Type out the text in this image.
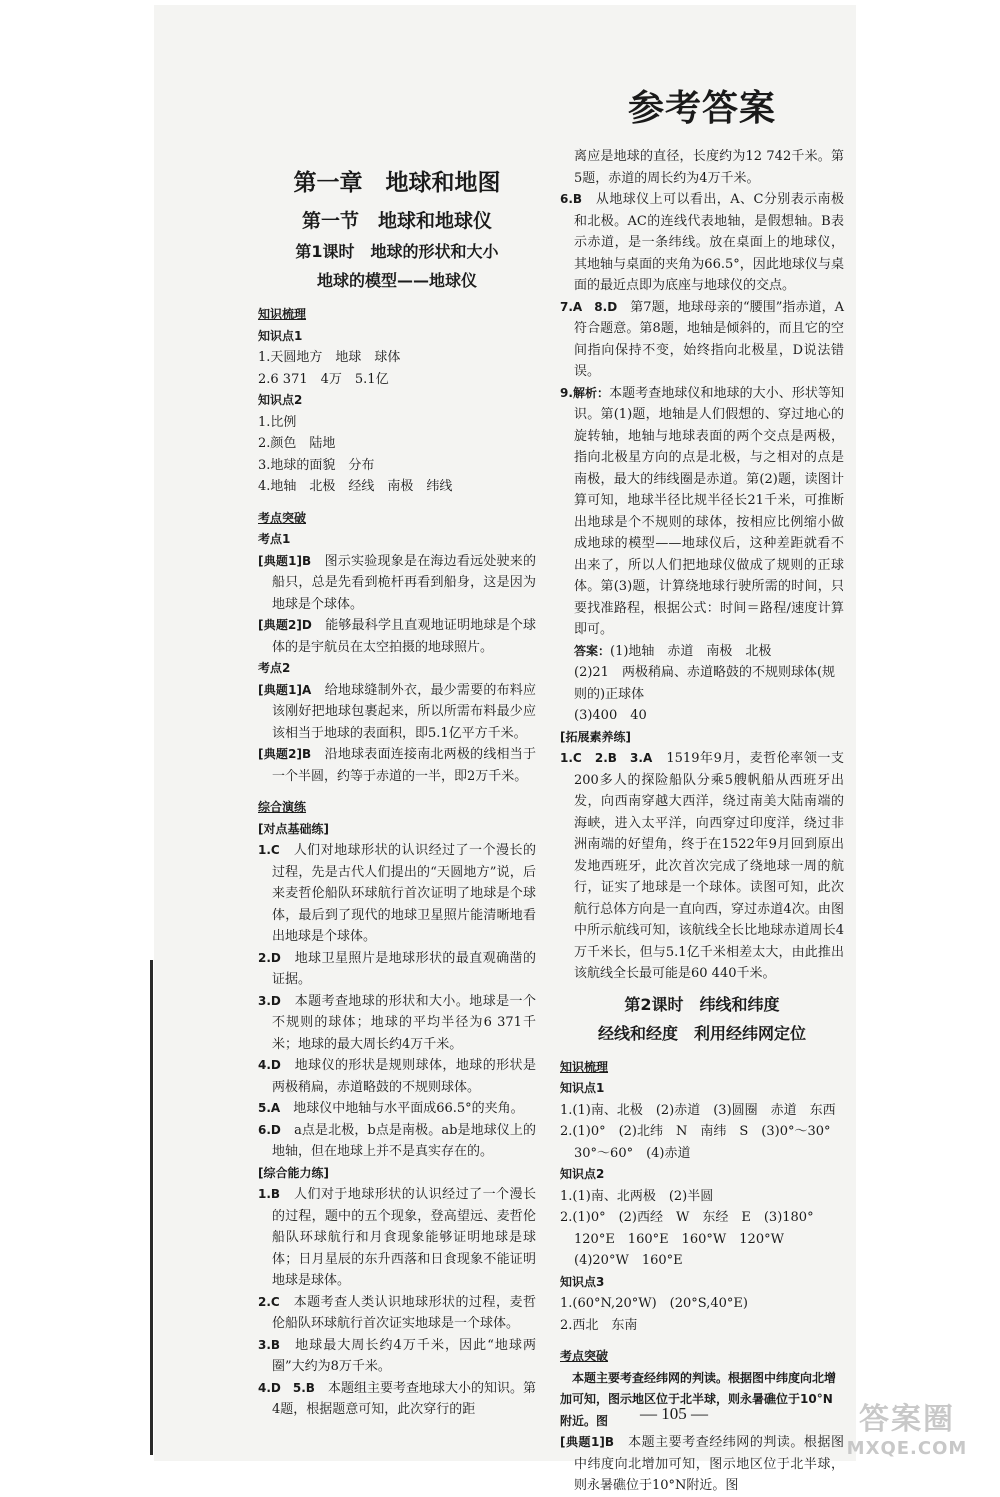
参考答案
第一章　地球和地图
第一节　地球和地球仪
第1课时　地球的形状和大小
地球的模型——地球仪
知识梳理
知识点1
1.天圆地方　地球　球体
2.6 371　4万　5.1亿
知识点2
1.比例
2.颜色　陆地
3.地球的面貌　分布
4.地轴　北极　经线　南极　纬线
考点突破
考点1
[典题1]B　图示实验现象是在海边看远处驶来的船只，总是先看到桅杆再看到船身，这是因为地球是个球体。
[典题2]D　能够最科学且直观地证明地球是个球体的是宇航员在太空拍摄的地球照片。
考点2
[典题1]A　给地球缝制外衣，最少需要的布料应该刚好把地球包裹起来，所以所需布料最少应该相当于地球的表面积，即5.1亿平方千米。
[典题2]B　沿地球表面连接南北两极的线相当于一个半圆，约等于赤道的一半，即2万千米。
综合演练
[对点基础练]
1.C　人们对地球形状的认识经过了一个漫长的过程，先是古代人们提出的“天圆地方”说，后来麦哲伦船队环球航行首次证明了地球是个球体，最后到了现代的地球卫星照片能清晰地看出地球是个球体。
2.D　地球卫星照片是地球形状的最直观确凿的证据。
3.D　本题考查地球的形状和大小。地球是一个不规则的球体；地球的平均半径为6 371千米；地球的最大周长约4万千米。
4.D　地球仪的形状是规则球体，地球的形状是两极稍扁，赤道略鼓的不规则球体。
5.A　地球仪中地轴与水平面成66.5°的夹角。
6.D　a点是北极，b点是南极。ab是地球仪上的地轴，但在地球上并不是真实存在的。
[综合能力练]
1.B　人们对于地球形状的认识经过了一个漫长的过程，题中的五个现象，登高望远、麦哲伦船队环球航行和月食现象能够证明地球是球体；日月星辰的东升西落和日食现象不能证明地球是球体。
2.C　本题考查人类认识地球形状的过程，麦哲伦船队环球航行首次证实地球是一个球体。
3.B　地球最大周长约4万千米，因此“地球两圈”大约为8万千米。
4.D　5.B　本题组主要考查地球大小的知识。第4题，根据题意可知，此次穿行的距
离应是地球的直径，长度约为12 742千米。第5题，赤道的周长约为4万千米。
6.B　从地球仪上可以看出，A、C分别表示南极和北极。AC的连线代表地轴，是假想轴。B表示赤道，是一条纬线。放在桌面上的地球仪，其地轴与桌面的夹角为66.5°，因此地球仪与桌面的最近点即为底座与地球仪的交点。
7.A　8.D　第7题，地球母亲的“腰围”指赤道，A符合题意。第8题，地轴是倾斜的，而且它的空间指向保持不变，始终指向北极星，D说法错误。
9.解析：本题考查地球仪和地球的大小、形状等知识。第(1)题，地轴是人们假想的、穿过地心的旋转轴，地轴与地球表面的两个交点是两极，指向北极星方向的点是北极，与之相对的点是南极，最大的纬线圈是赤道。第(2)题，读图计算可知，地球半径比规半径长21千米，可推断出地球是个不规则的球体，按相应比例缩小做成地球的模型——地球仪后，这种差距就看不出来了，所以人们把地球仪做成了规则的正球体。第(3)题，计算绕地球行驶所需的时间，只要找准路程，根据公式：时间＝路程/速度计算即可。
答案：(1)地轴　赤道　南极　北极
(2)21　两极稍扁、赤道略鼓的不规则球体(规则的)正球体
(3)400　40
[拓展素养练]
1.C　2.B　3.A　1519年9月，麦哲伦率领一支200多人的探险船队分乘5艘帆船从西班牙出发，向西南穿越大西洋，绕过南美大陆南端的海峡，进入太平洋，向西穿过印度洋，绕过非洲南端的好望角，终于在1522年9月回到原出发地西班牙，此次首次完成了绕地球一周的航行，证实了地球是一个球体。读图可知，此次航行总体方向是一直向西，穿过赤道4次。由图中所示航线可知，该航线全长比地球赤道周长4万千米长，但与5.1亿千米相差太大，由此推出该航线全长最可能是60 440千米。
第2课时　纬线和纬度
经线和经度　利用经纬网定位
知识梳理
知识点1
1.(1)南、北极　(2)赤道　(3)圆圈　赤道　东西
2.(1)0°　(2)北纬　N　南纬　S　(3)0°～30°　30°～60°　(4)赤道
知识点2
1.(1)南、北两极　(2)半圆
2.(1)0°　(2)西经　W　东经　E　(3)180°　120°E　160°E　160°W　120°W　(4)20°W　160°E
知识点3
1.(60°N,20°W)　(20°S,40°E)
2.西北　东南
考点突破
　本题主要考查经纬网的判读。根据图中纬度向北增加可知，图示地区位于北半球，则永暑礁位于10°N附近。图
[典题1]B　本题主要考查经纬网的判读。根据图中纬度向北增加可知，图示地区位于北半球，则永暑礁位于10°N附近。图
— 105 —	答案圈
MXQE.COM
